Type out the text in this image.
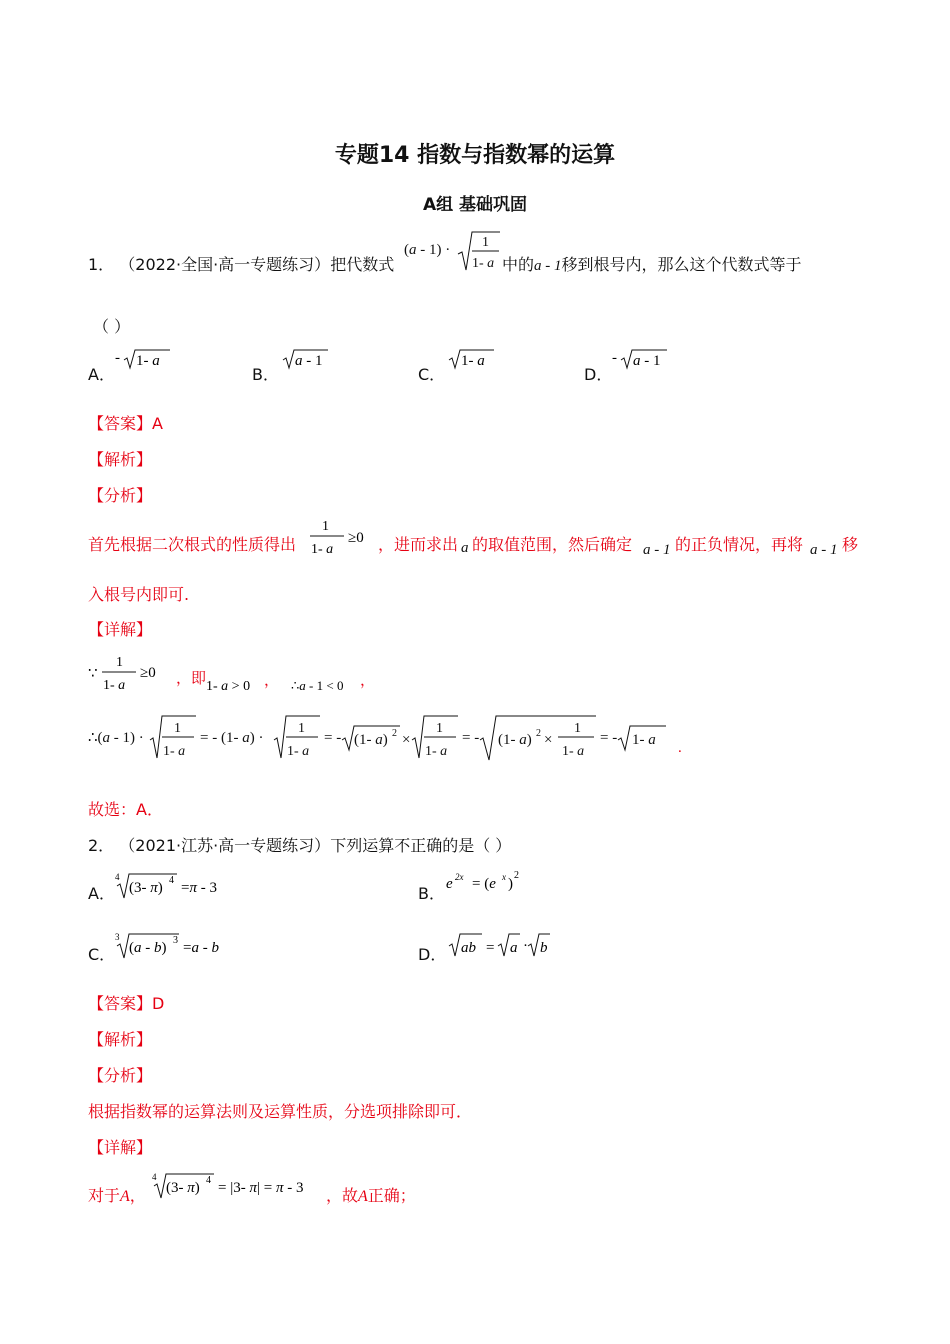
专题14 指数与指数幂的运算
A组 基础巩固
1． （2022·全国·高一专题练习）把代数式
(a - 1) · 1
1- a 中的a - 1移到根号内，那么这个代数式等于
（ ）
A．
- 1- a
B．
a - 1
C．
1- a
D．
- a - 1
【答案】A
【解析】
【分析】
首先根据二次根式的性质得出
1
1- a
≥0 ，进而求出 a 的取值范围，然后确定 a - 1 的正负情况，再将 a - 1 移
入根号内即可.
【详解】
∵
1
1- a
≥0 ，即 1- a > 0 ， ∴a - 1 < 0 ，
∴(a - 1) ·
1
1- a
= - (1- a) ·
1
1- a
= - (1- a) 2 ×
1
1- a
= - (1- a) 2 ×
1
1- a
= - 1- a .
故选：A．
2． （2021·江苏·高一专题练习）下列运算不正确的是（ ）
A．
4
(3- π) 4 =π - 3	B． e 2x = (e x )
2
C．
3
(a - b) 3 =a - b	D． ab = a · b
【答案】D
【解析】
【分析】
根据指数幂的运算法则及运算性质，分选项排除即可．
【详解】
对于A，
4
(3- π) 4 = |3- π| = π - 3 ，故A正确；
